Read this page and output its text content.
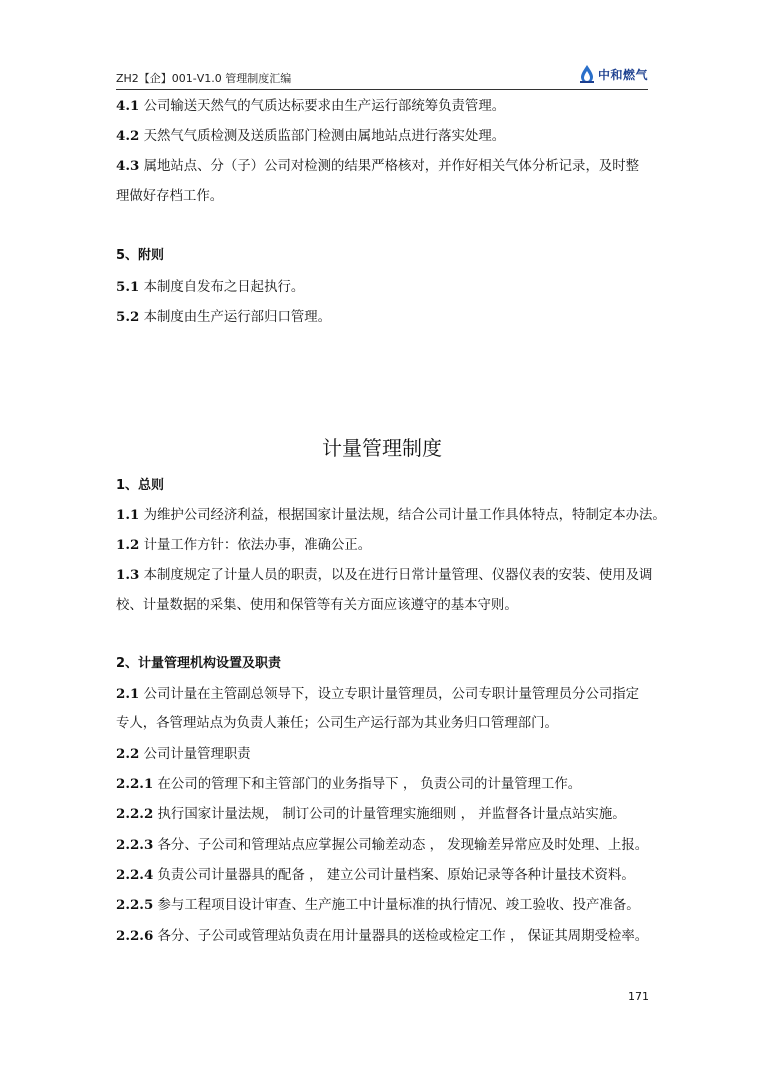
ZH2【企】001-V1.0 管理制度汇编	中和燃气
4.1 公司输送天然气的气质达标要求由生产运行部统筹负责管理。
4.2 天然气气质检测及送质监部门检测由属地站点进行落实处理。
4.3 属地站点、分（子）公司对检测的结果严格核对，并作好相关气体分析记录，及时整
理做好存档工作。
5、附则
5.1 本制度自发布之日起执行。
5.2 本制度由生产运行部归口管理。
计量管理制度
1、总则
1.1 为维护公司经济利益，根据国家计量法规，结合公司计量工作具体特点，特制定本办法。
1.2 计量工作方针：依法办事，准确公正。
1.3 本制度规定了计量人员的职责，以及在进行日常计量管理、仪器仪表的安装、使用及调
校、计量数据的采集、使用和保管等有关方面应该遵守的基本守则。
2、计量管理机构设置及职责
2.1 公司计量在主管副总领导下，设立专职计量管理员，公司专职计量管理员分公司指定
专人，各管理站点为负责人兼任；公司生产运行部为其业务归口管理部门。
2.2 公司计量管理职责
2.2.1 在公司的管理下和主管部门的业务指导下 ， 负责公司的计量管理工作。
2.2.2 执行国家计量法规， 制订公司的计量管理实施细则 ， 并监督各计量点站实施。
2.2.3 各分、子公司和管理站点应掌握公司输差动态 ， 发现输差异常应及时处理、上报。
2.2.4 负责公司计量器具的配备 ， 建立公司计量档案、原始记录等各种计量技术资料。
2.2.5 参与工程项目设计审查、生产施工中计量标准的执行情况、竣工验收、投产准备。
2.2.6 各分、子公司或管理站负责在用计量器具的送检或检定工作 ， 保证其周期受检率。
171
